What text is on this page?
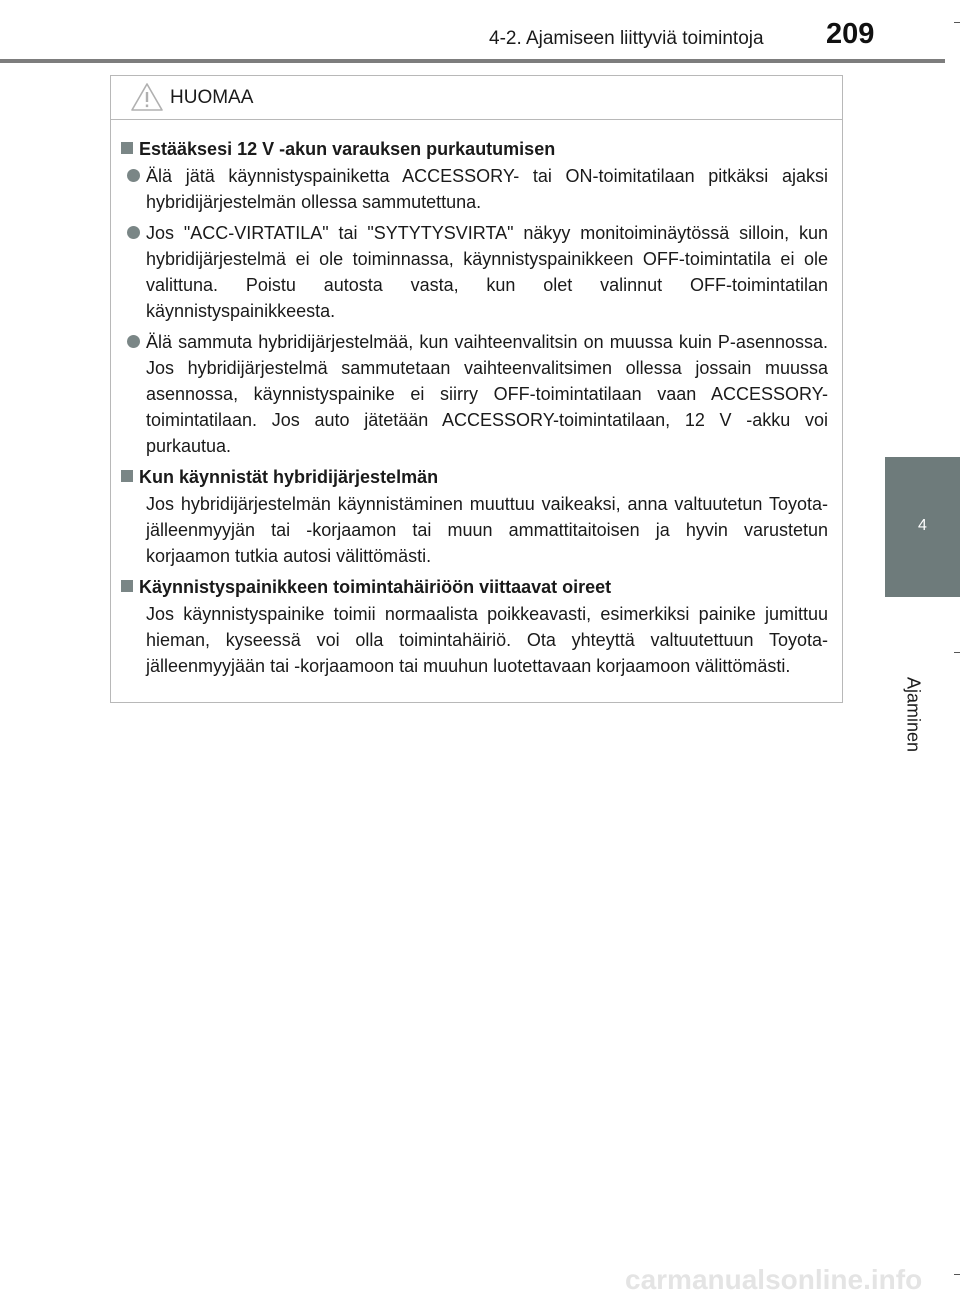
4-2. Ajamiseen liittyviä toimintoja 209
4
Ajaminen
HUOMAA
Estääksesi 12 V -akun varauksen purkautumisen
Älä jätä käynnistyspainiketta ACCESSORY- tai ON-toimitatilaan pitkäksi ajaksi hybridijärjestelmän ollessa sammutettuna.
Jos "ACC-VIRTATILA" tai "SYTYTYSVIRTA" näkyy monitoiminäytössä silloin, kun hybridijärjestelmä ei ole toiminnassa, käynnistyspainikkeen OFF-toimintatila ei ole valittuna. Poistu autosta vasta, kun olet valinnut OFF-toimintatilan käynnistyspainikkeesta.
Älä sammuta hybridijärjestelmää, kun vaihteenvalitsin on muussa kuin P-asennossa. Jos hybridijärjestelmä sammutetaan vaihteenvalitsimen ollessa jossain muussa asennossa, käynnistyspainike ei siirry OFF-toimintatilaan vaan ACCESSORY-toimintatilaan. Jos auto jätetään ACCESSORY-toimintatilaan, 12 V -akku voi purkautua.
Kun käynnistät hybridijärjestelmän
Jos hybridijärjestelmän käynnistäminen muuttuu vaikeaksi, anna valtuutetun Toyota-jälleenmyyjän tai -korjaamon tai muun ammattitaitoisen ja hyvin varustetun korjaamon tutkia autosi välittömästi.
Käynnistyspainikkeen toimintahäiriöön viittaavat oireet
Jos käynnistyspainike toimii normaalista poikkeavasti, esimerkiksi painike jumittuu hieman, kyseessä voi olla toimintahäiriö. Ota yhteyttä valtuutettuun Toyota-jälleenmyyjään tai -korjaamoon tai muuhun luotettavaan korjaamoon välittömästi.
carmanualsonline.info
